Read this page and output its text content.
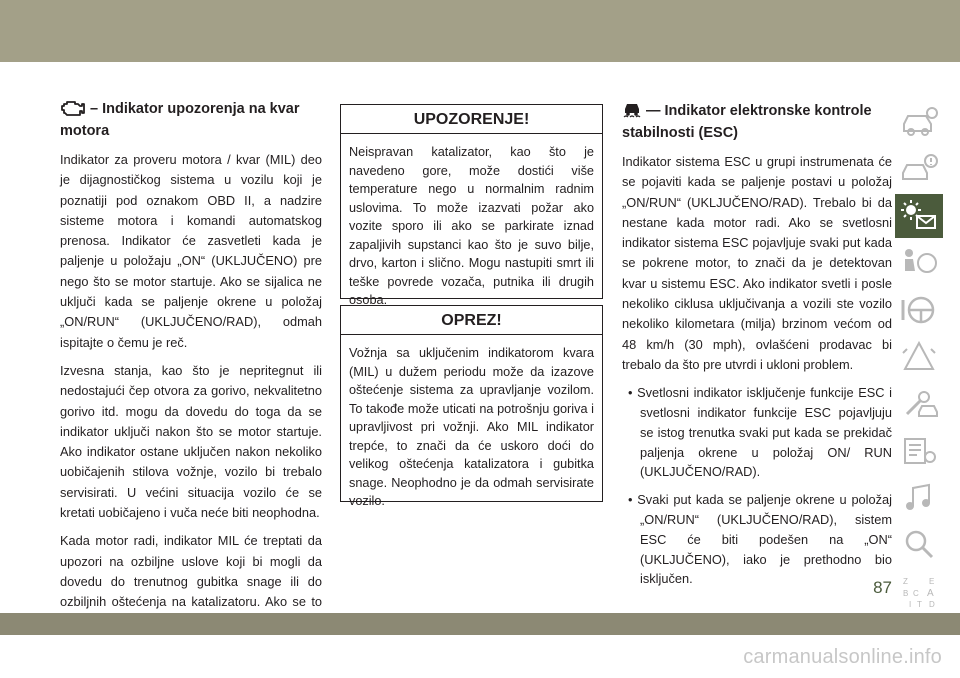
– Indikator upozorenja na kvar motora

Indikator za proveru motora / kvar (MIL) deo je dijagnostičkog sistema u vozilu koji je poznatiji pod oznakom OBD II, a nadzire sisteme motora i komandi automatskog prenosa. Indikator će zasvetleti kada je paljenje u položaju „ON“ (UKLJUČENO) pre nego što se motor startuje. Ako se sijalica ne uključi kada se paljenje okrene u položaj „ON/RUN“ (UKLJUČENO/RAD), odmah ispitajte o čemu je reč.

Izvesna stanja, kao što je nepritegnut ili nedostajući čep otvora za gorivo, nekvalitetno gorivo itd. mogu da dovedu do toga da se indikator uključi nakon što se motor startuje. Ako indikator ostane uključen nakon nekoliko uobičajenih stilova vožnje, vozilo bi trebalo servisirati. U većini situacija vozilo će se kretati uobičajeno i vuča neće biti neophodna.

Kada motor radi, indikator MIL će treptati da upozori na ozbiljne uslove koji bi mogli da dovedu do trenutnog gubitka snage ili do ozbiljnih oštećenja na katalizatoru. Ako se to

UPOZORENJE!
Neispravan katalizator, kao što je navedeno gore, može dostići više temperature nego u normalnim radnim uslovima. To može izazvati požar ako vozite sporo ili ako se parkirate iznad zapaljivih supstanci kao što je suvo bilje, drvo, karton i slično. Mogu nastupiti smrt ili teške povrede vozača, putnika ili drugih osoba.
OPREZ!
Vožnja sa uključenim indikatorom kvara (MIL) u dužem periodu može da izazove oštećenje sistema za upravljanje vozilom. To takođe može uticati na potrošnju goriva i upravljivost pri vožnji. Ako MIL indikator trepće, to znači da će uskoro doći do velikog oštećenja katalizatora i gubitka snage. Neophodno je da odmah servisirate vozilo.
— Indikator elektronske kontrole stabilnosti (ESC)

Indikator sistema ESC u grupi instrumenata će se pojaviti kada se paljenje postavi u položaj „ON/RUN“ (UKLJUČENO/RAD). Trebalo bi da nestane kada motor radi. Ako se svetlosni indikator sistema ESC pojavljuje svaki put kada se pokrene motor, to znači da je detektovan kvar u sistemu ESC. Ako indikator svetli i posle nekoliko ciklusa uključivanja a vozili ste vozilo nekoliko kilometara (milja) brzinom većom od 48 km/h (30 mph), ovlašćeni prodavac bi trebalo da što pre utvrdi i ukloni problem.

• Svetlosni indikator isključenje funkcije ESC i svetlosni indikator funkcije ESC pojavljuju se istog trenutka svaki put kada se prekidač paljenja okrene u položaj ON/ RUN (UKLJUČENO/RAD).
• Svaki put kada se paljenje okrene u položaj „ON/RUN“ (UKLJUČENO/RAD), sistem ESC će biti podešen na „ON“ (UKLJUČENO), iako je prethodno bio isključen.	Z	E
B C A
D
I T
87
carmanualsonline.info
